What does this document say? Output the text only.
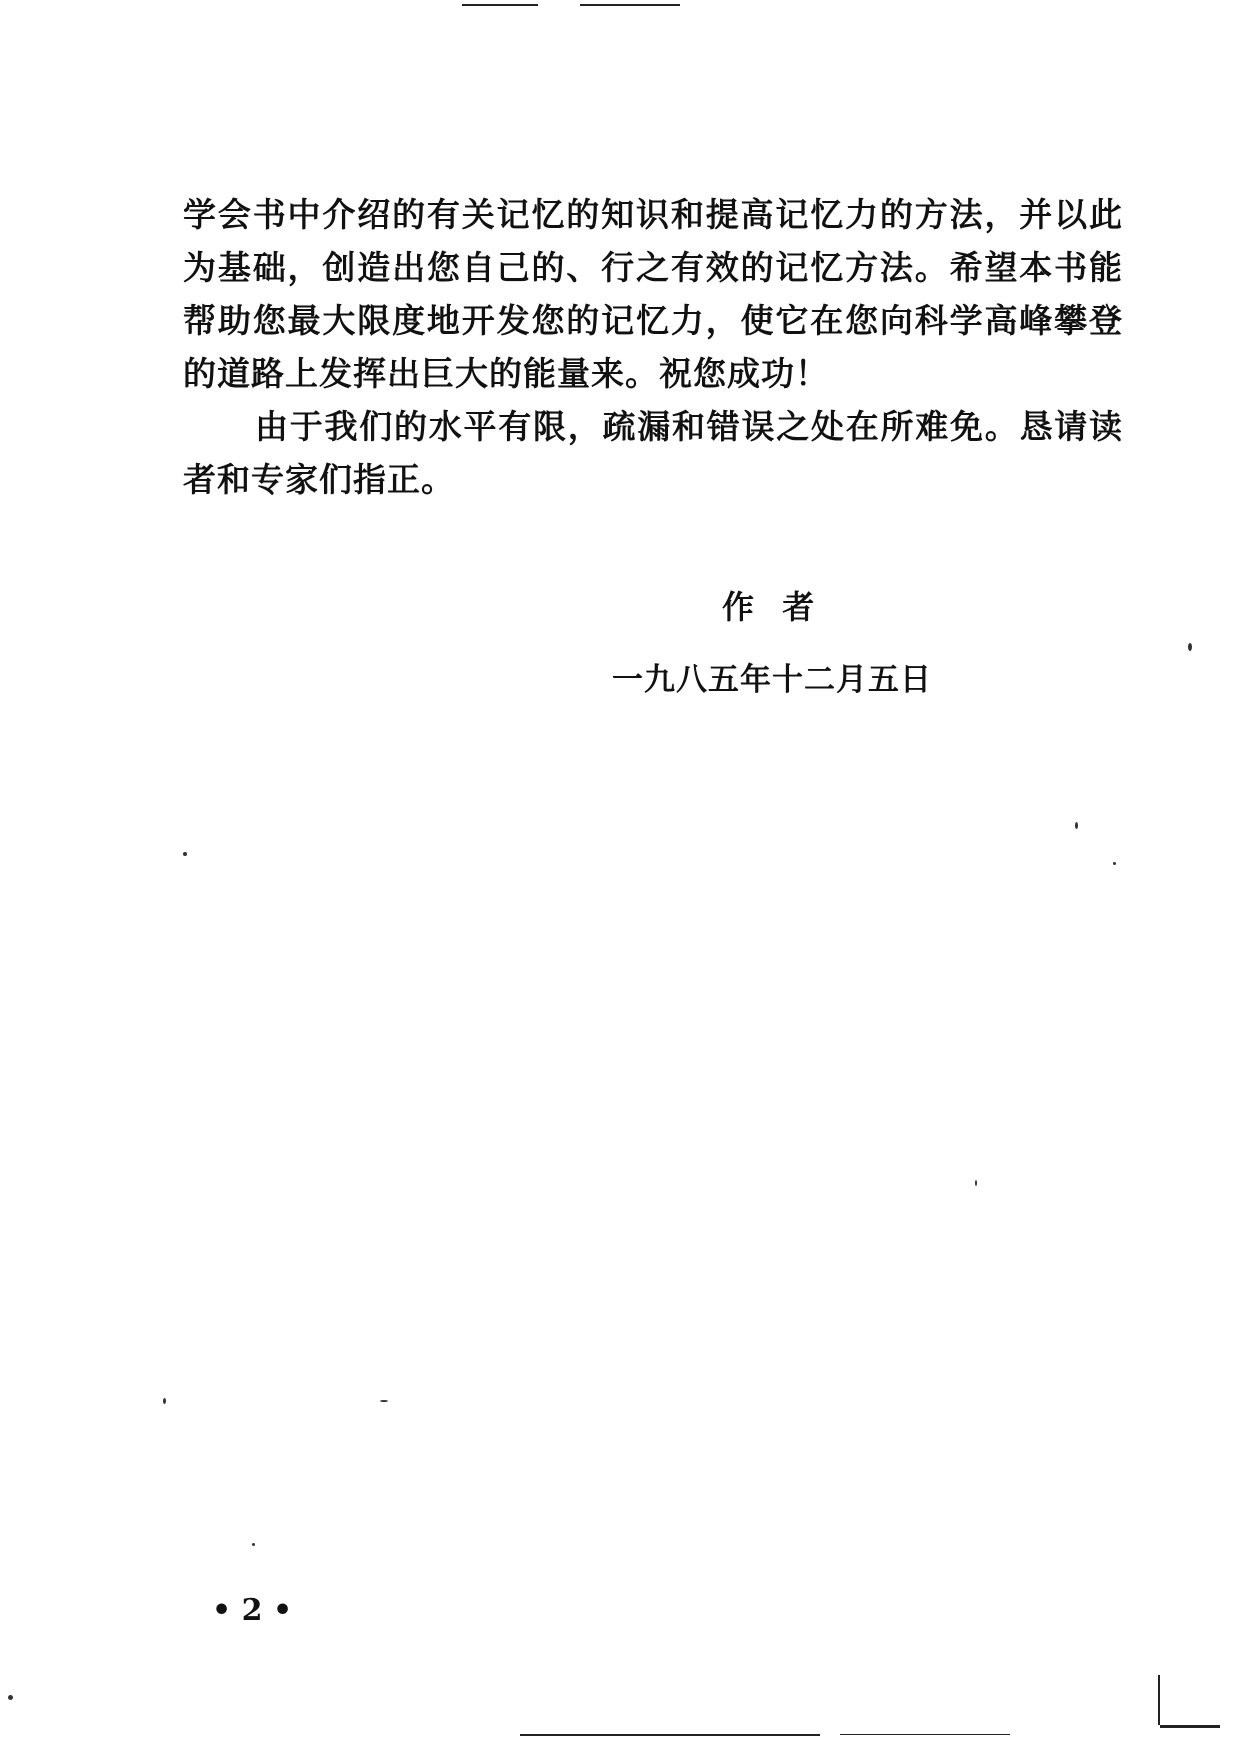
学会书中介绍的有关记忆的知识和提高记忆力的方法，并以此为基础，创造出您自己的、行之有效的记忆方法。希望本书能帮助您最大限度地开发您的记忆力，使它在您向科学高峰攀登的道路上发挥出巨大的能量来。祝您成功！

由于我们的水平有限，疏漏和错误之处在所难免。恳请读者和专家们指正。

作  者
一九八五年十二月五日
• 2 •
